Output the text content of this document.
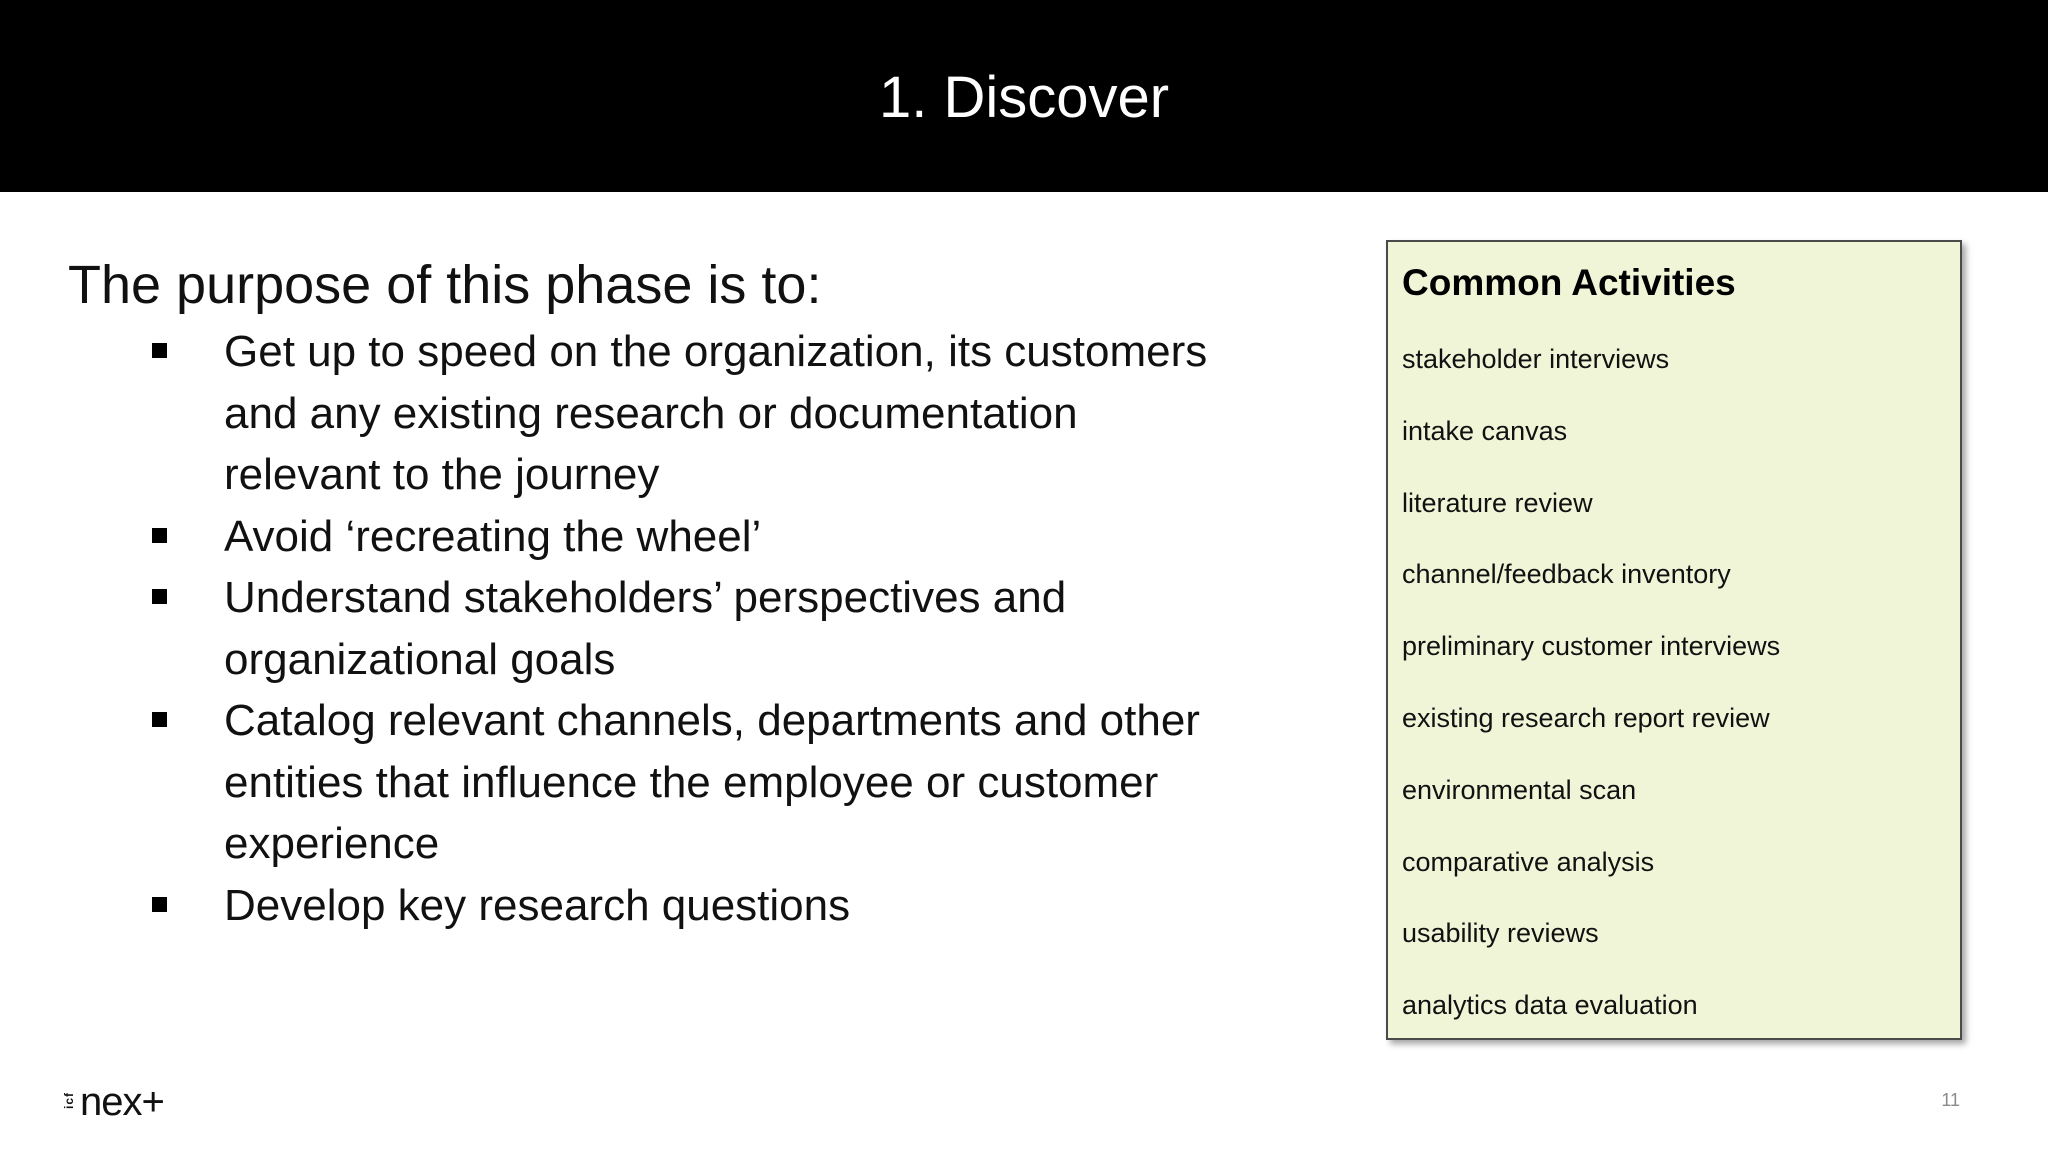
1. Discover
The purpose of this phase is to:
Get up to speed on the organization, its customers and any existing research or documentation relevant to the journey
Avoid ‘recreating the wheel’
Understand stakeholders’ perspectives and organizational goals
Catalog relevant channels, departments and other entities that influence the employee or customer experience
Develop key research questions
Common Activities
stakeholder interviews
intake canvas
literature review
channel/feedback inventory
preliminary customer interviews
existing research report review
environmental scan
comparative analysis
usability reviews
analytics data evaluation
icf nex+	11
